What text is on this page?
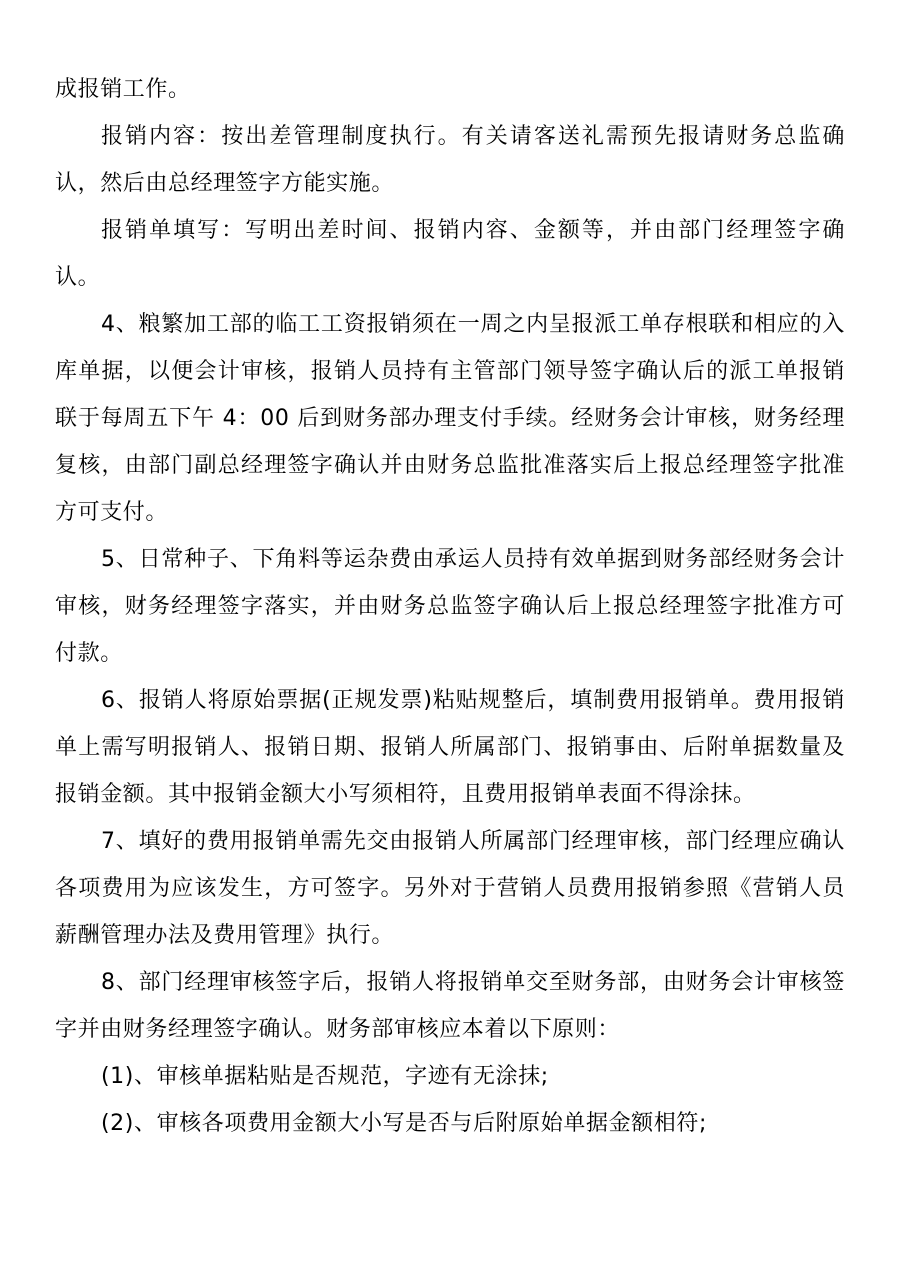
成报销工作。

报销内容：按出差管理制度执行。有关请客送礼需预先报请财务总监确认，然后由总经理签字方能实施。

报销单填写：写明出差时间、报销内容、金额等，并由部门经理签字确认。

4、粮繁加工部的临工工资报销须在一周之内呈报派工单存根联和相应的入库单据，以便会计审核，报销人员持有主管部门领导签字确认后的派工单报销联于每周五下午 4：00 后到财务部办理支付手续。经财务会计审核，财务经理复核，由部门副总经理签字确认并由财务总监批准落实后上报总经理签字批准方可支付。

5、日常种子、下角料等运杂费由承运人员持有效单据到财务部经财务会计审核，财务经理签字落实，并由财务总监签字确认后上报总经理签字批准方可付款。

6、报销人将原始票据(正规发票)粘贴规整后，填制费用报销单。费用报销单上需写明报销人、报销日期、报销人所属部门、报销事由、后附单据数量及报销金额。其中报销金额大小写须相符，且费用报销单表面不得涂抹。

7、填好的费用报销单需先交由报销人所属部门经理审核，部门经理应确认各项费用为应该发生，方可签字。另外对于营销人员费用报销参照《营销人员薪酬管理办法及费用管理》执行。

8、部门经理审核签字后，报销人将报销单交至财务部，由财务会计审核签字并由财务经理签字确认。财务部审核应本着以下原则：

(1)、审核单据粘贴是否规范，字迹有无涂抹;

(2)、审核各项费用金额大小写是否与后附原始单据金额相符;
